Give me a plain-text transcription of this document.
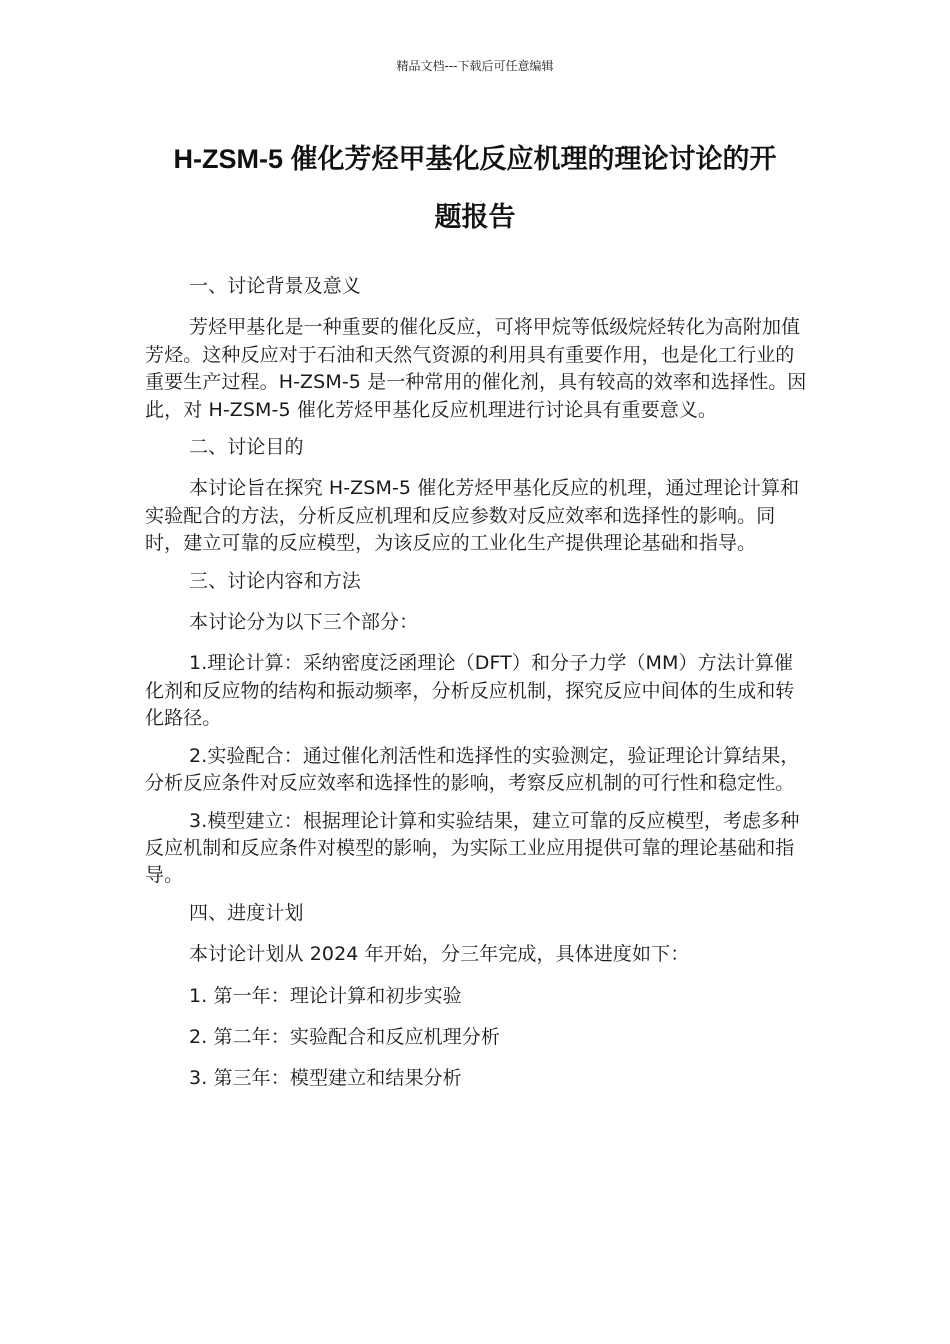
精品文档---下载后可任意编辑
H-ZSM-5 催化芳烃甲基化反应机理的理论讨论的开
题报告

一、讨论背景及意义

芳烃甲基化是一种重要的催化反应，可将甲烷等低级烷烃转化为高附加值芳烃。这种反应对于石油和天然气资源的利用具有重要作用，也是化工行业的重要生产过程。H-ZSM-5 是一种常用的催化剂，具有较高的效率和选择性。因此，对 H-ZSM-5 催化芳烃甲基化反应机理进行讨论具有重要意义。

二、讨论目的

本讨论旨在探究 H-ZSM-5 催化芳烃甲基化反应的机理，通过理论计算和实验配合的方法，分析反应机理和反应参数对反应效率和选择性的影响。同时，建立可靠的反应模型，为该反应的工业化生产提供理论基础和指导。

三、讨论内容和方法

本讨论分为以下三个部分：

1.理论计算：采纳密度泛函理论（DFT）和分子力学（MM）方法计算催化剂和反应物的结构和振动频率，分析反应机制，探究反应中间体的生成和转化路径。

2.实验配合：通过催化剂活性和选择性的实验测定，验证理论计算结果，分析反应条件对反应效率和选择性的影响，考察反应机制的可行性和稳定性。

3.模型建立：根据理论计算和实验结果，建立可靠的反应模型，考虑多种反应机制和反应条件对模型的影响，为实际工业应用提供可靠的理论基础和指导。

四、进度计划

本讨论计划从 2024 年开始，分三年完成，具体进度如下：

1. 第一年：理论计算和初步实验

2. 第二年：实验配合和反应机理分析

3. 第三年：模型建立和结果分析
